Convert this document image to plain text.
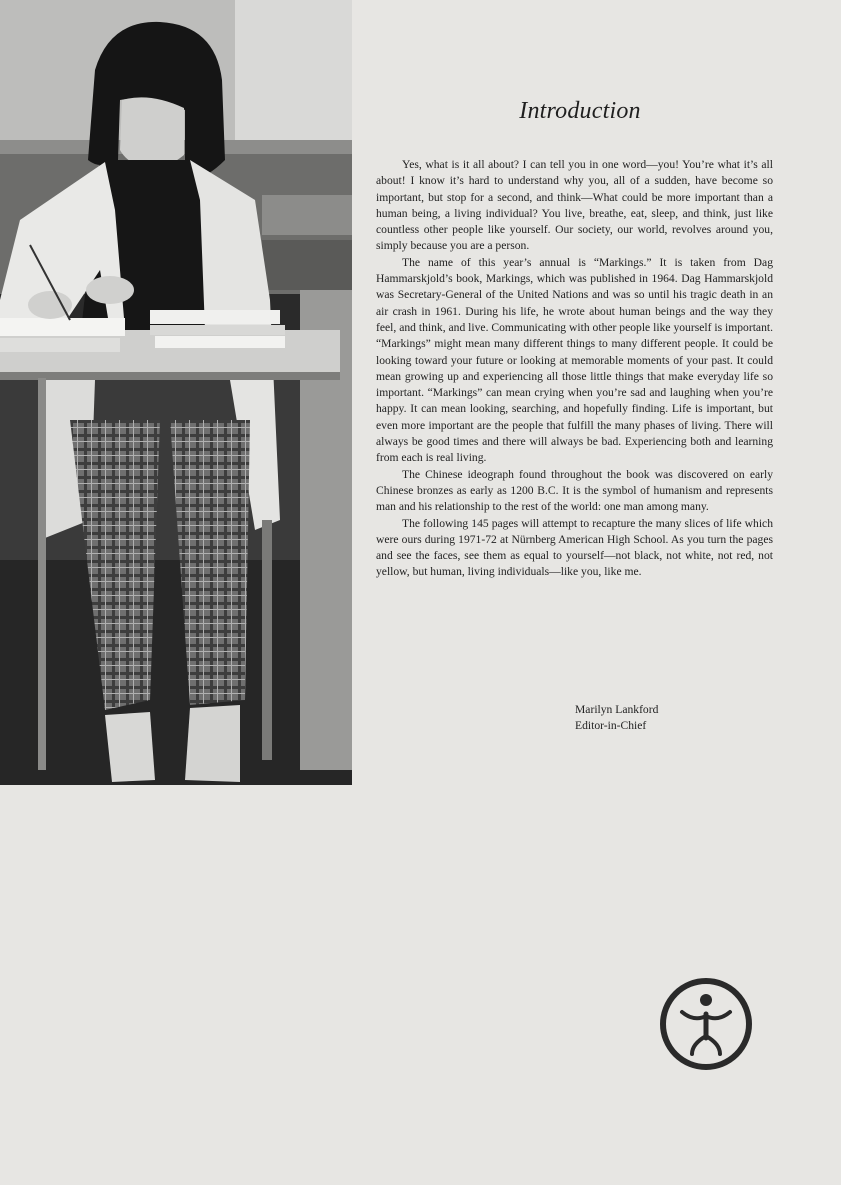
Introduction

Yes, what is it all about? I can tell you in one word—you! You’re what it’s all about! I know it’s hard to understand why you, all of a sudden, have become so important, but stop for a second, and think—What could be more important than a human being, a living individual? You live, breathe, eat, sleep, and think, just like countless other people like yourself. Our society, our world, revolves around you, simply because you are a person.

The name of this year’s annual is “Markings.” It is taken from Dag Hammarskjold’s book, Markings, which was published in 1964. Dag Hammarskjold was Secretary-General of the United Nations and was so until his tragic death in an air crash in 1961. During his life, he wrote about human beings and the way they feel, and think, and live. Communicating with other people like yourself is important. “Markings” might mean many different things to many different people. It could be looking toward your future or looking at memorable moments of your past. It could mean growing up and experiencing all those little things that make everyday life so important. “Markings” can mean crying when you’re sad and laughing when you’re happy. It can mean looking, searching, and hopefully finding. Life is important, but even more important are the people that fulfill the many phases of living. There will always be good times and there will always be bad. Experiencing both and learning from each is real living.

The Chinese ideograph found throughout the book was discovered on early Chinese bronzes as early as 1200 B.C. It is the symbol of humanism and represents man and his relationship to the rest of the world: one man among many.

The following 145 pages will attempt to recapture the many slices of life which were ours during 1971-72 at Nürnberg American High School. As you turn the pages and see the faces, see them as equal to yourself—not black, not white, not red, not yellow, but human, living individuals—like you, like me.

Marilyn Lankford
Editor-in-Chief
